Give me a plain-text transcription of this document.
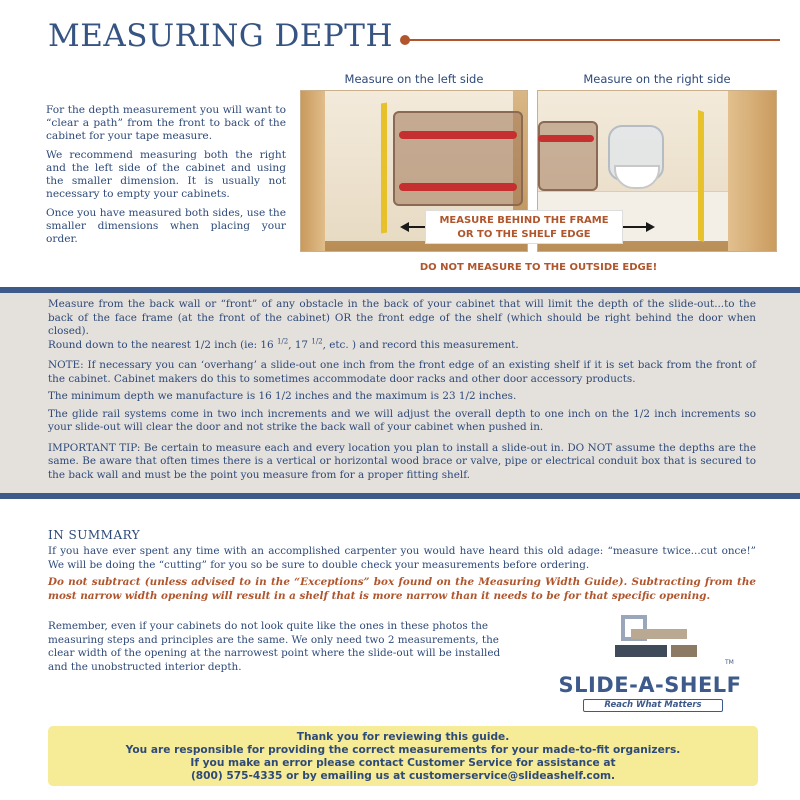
MEASURING DEPTH

For the depth measurement you will want to “clear a path” from the front to back of the cabinet for your tape measure.

We recommend measuring both the right and the left side of the cabinet and using the smaller dimension. It is usually not necessary to empty your cabinets.

Once you have measured both sides, use the smaller dimensions when placing your order.

Measure on the left side	Measure on the right side
MEASURE BEHIND THE FRAME
OR TO THE SHELF EDGE
DO NOT MEASURE TO THE OUTSIDE EDGE!

Measure from the back wall or “front” of any obstacle in the back of your cabinet that will limit the depth of the slide-out...to the back of the face frame (at the front of the cabinet) OR the front edge of the shelf (which should be right behind the door when closed).

Round down to the nearest 1/2 inch (ie: 16 $^{1/2}$, 17 $^{1/2}$, etc. ) and record this measurement.

NOTE: If necessary you can ‘overhang’ a slide-out one inch from the front edge of an existing shelf if it is set back from the front of the cabinet. Cabinet makers do this to sometimes accommodate door racks and other door accessory products.

The minimum depth we manufacture is 16 1/2 inches and the maximum is 23 1/2 inches.

The glide rail systems come in two inch increments and we will adjust the overall depth to one inch on the 1/2 inch increments so your slide-out will clear the door and not strike the back wall of your cabinet when pushed in.

IMPORTANT TIP: Be certain to measure each and every location you plan to install a slide-out in. DO NOT assume the depths are the same. Be aware that often times there is a vertical or horizontal wood brace or valve, pipe or electrical conduit box that is secured to the back wall and must be the point you measure from for a proper fitting shelf.

IN SUMMARY

If you have ever spent any time with an accomplished carpenter you would have heard this old adage: “measure twice...cut once!” We will be doing the “cutting” for you so be sure to double check your measurements before ordering.

Do not subtract (unless advised to in the “Exceptions” box found on the Measuring Width Guide). Subtracting from the most narrow width opening will result in a shelf that is more narrow than it needs to be for that specific opening.

Remember, even if your cabinets do not look quite like the ones in these photos the measuring steps and principles are the same. We only need two 2 measurements, the clear width of the opening at the narrowest point where the slide-out will be installed and the unobstructed interior depth.	TM
SLIDE-A-SHELF
Reach What Matters
Thank you for reviewing this guide.
You are responsible for providing the correct measurements for your made-to-fit organizers.
If you make an error please contact Customer Service for assistance at
(800) 575-4335 or by emailing us at customerservice@slideashelf.com.
